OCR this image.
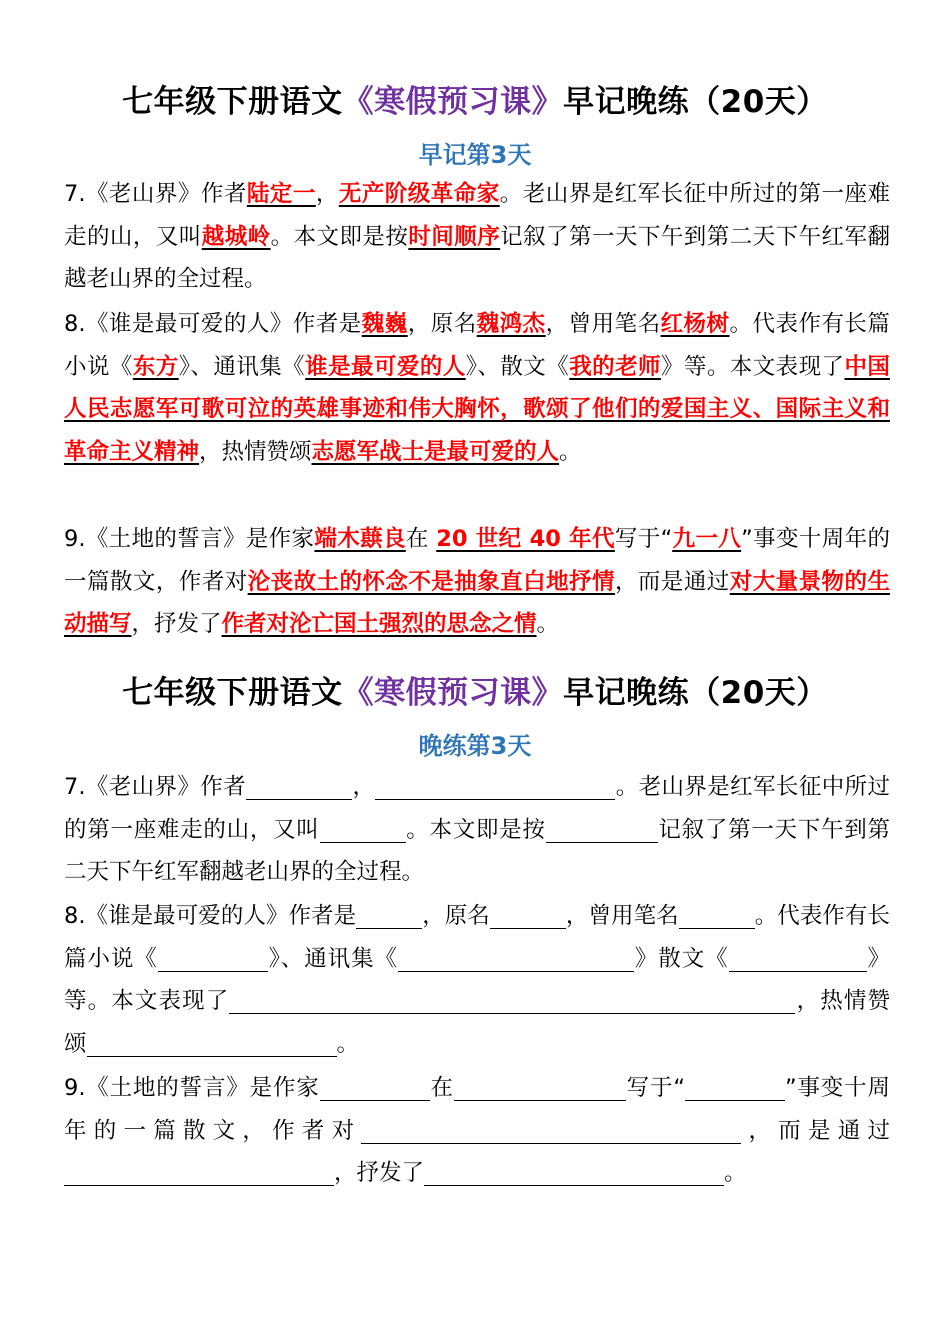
七年级下册语文《寒假预习课》早记晚练（20天）
早记第3天
7.《老山界》作者陆定一，无产阶级革命家。老山界是红军长征中所过的第一座难走的山，又叫越城岭。本文即是按时间顺序记叙了第一天下午到第二天下午红军翻越老山界的全过程。
8.《谁是最可爱的人》作者是魏巍，原名魏鸿杰，曾用笔名红杨树。代表作有长篇小说《东方》、通讯集《谁是最可爱的人》、散文《我的老师》等。本文表现了中国人民志愿军可歌可泣的英雄事迹和伟大胸怀，歌颂了他们的爱国主义、国际主义和革命主义精神，热情赞颂志愿军战士是最可爱的人。
9.《土地的誓言》是作家端木蕻良在 20 世纪 40 年代写于“九一八”事变十周年的一篇散文，作者对沦丧故土的怀念不是抽象直白地抒情，而是通过对大量景物的生动描写，抒发了作者对沦亡国土强烈的思念之情。
七年级下册语文《寒假预习课》早记晚练（20天）
晚练第3天
7.《老山界》作者	，	。老山界是红军长征中所过的第一座难走的山，又叫	。本文即是按	记叙了第一天下午到第二天下午红军翻越老山界的全过程。
8.《谁是最可爱的人》作者是	，原名	，曾用笔名	。代表作有长篇小说《	》、通讯集《	》散文《	》等。本文表现了	，热情赞颂	。
9.《土地的誓言》是作家	在	写于“	”事变十周年的一篇散文，作者对	，而是通过，抒发了	。
